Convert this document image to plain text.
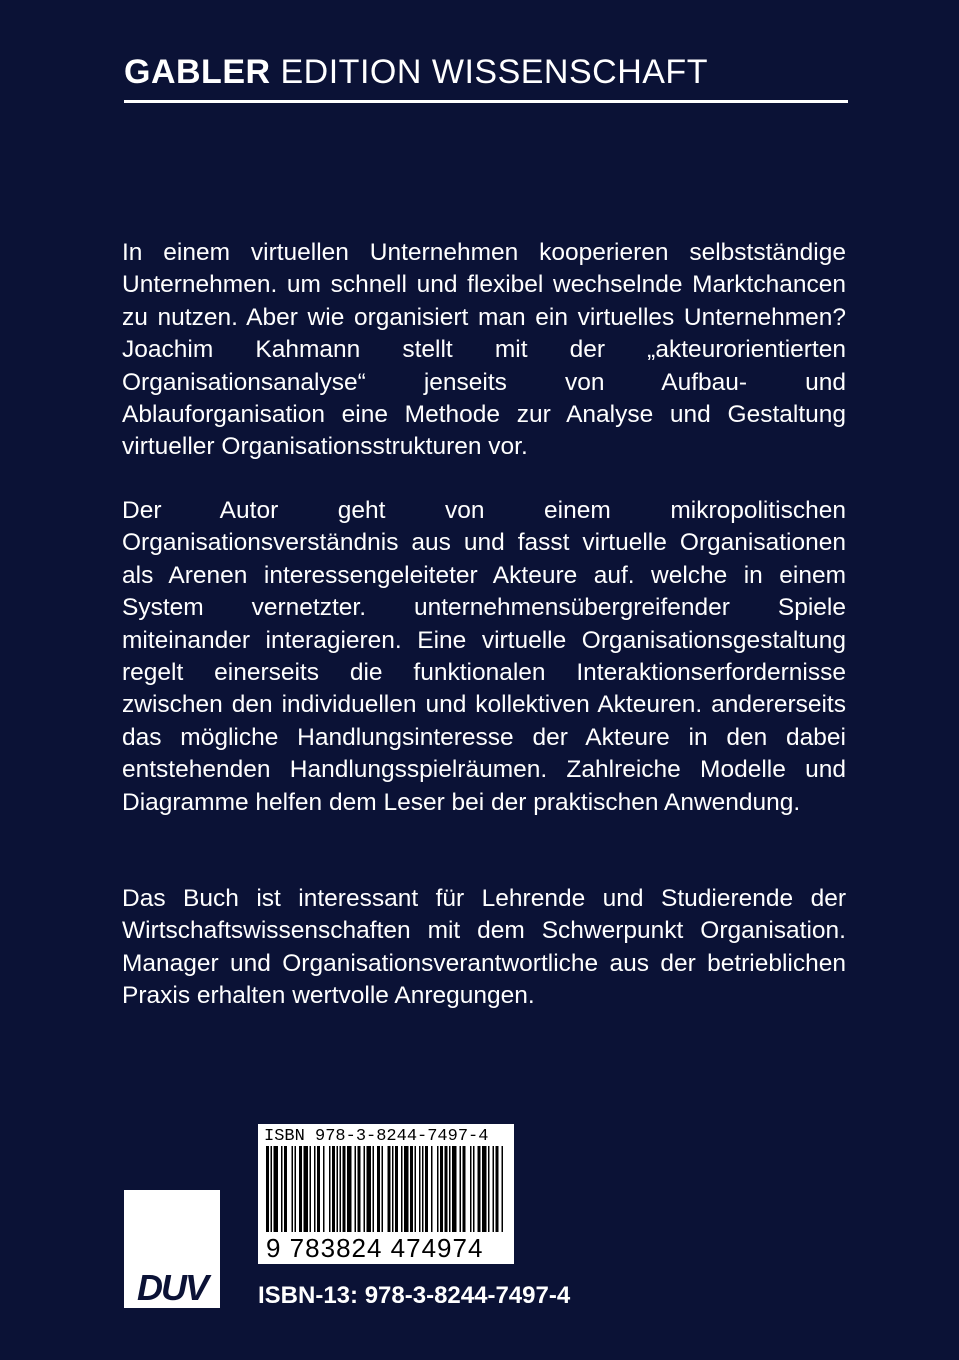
GABLER EDITION WISSENSCHAFT
In einem virtuellen Unternehmen kooperieren selbstständige Unternehmen. um schnell und flexibel wechselnde Marktchancen zu nutzen. Aber wie organisiert man ein virtuelles Unternehmen? Joachim Kahmann stellt mit der „akteurorientierten Organisationsanalyse“ jenseits von Aufbau- und Ablauforganisation eine Methode zur Analyse und Gestaltung virtueller Organisationsstrukturen vor.
Der Autor geht von einem mikropolitischen Organisationsverständnis aus und fasst virtuelle Organisationen als Arenen interessengeleiteter Akteure auf. welche in einem System vernetzter. unternehmensübergreifender Spiele miteinander interagieren. Eine virtuelle Organisationsgestaltung regelt einerseits die funktionalen Interaktionserfordernisse zwischen den individuellen und kollektiven Akteuren. andererseits das mögliche Handlungsinteresse der Akteure in den dabei entstehenden Handlungsspielräumen. Zahlreiche Modelle und Diagramme helfen dem Leser bei der praktischen Anwendung.
Das Buch ist interessant für Lehrende und Studierende der Wirtschaftswissenschaften mit dem Schwerpunkt Organisation. Manager und Organisationsverantwortliche aus der betrieblichen Praxis erhalten wertvolle Anregungen.
ISBN 978-3-8244-7497-4
9 783824 474974
DUV	ISBN-13: 978-3-8244-7497-4
